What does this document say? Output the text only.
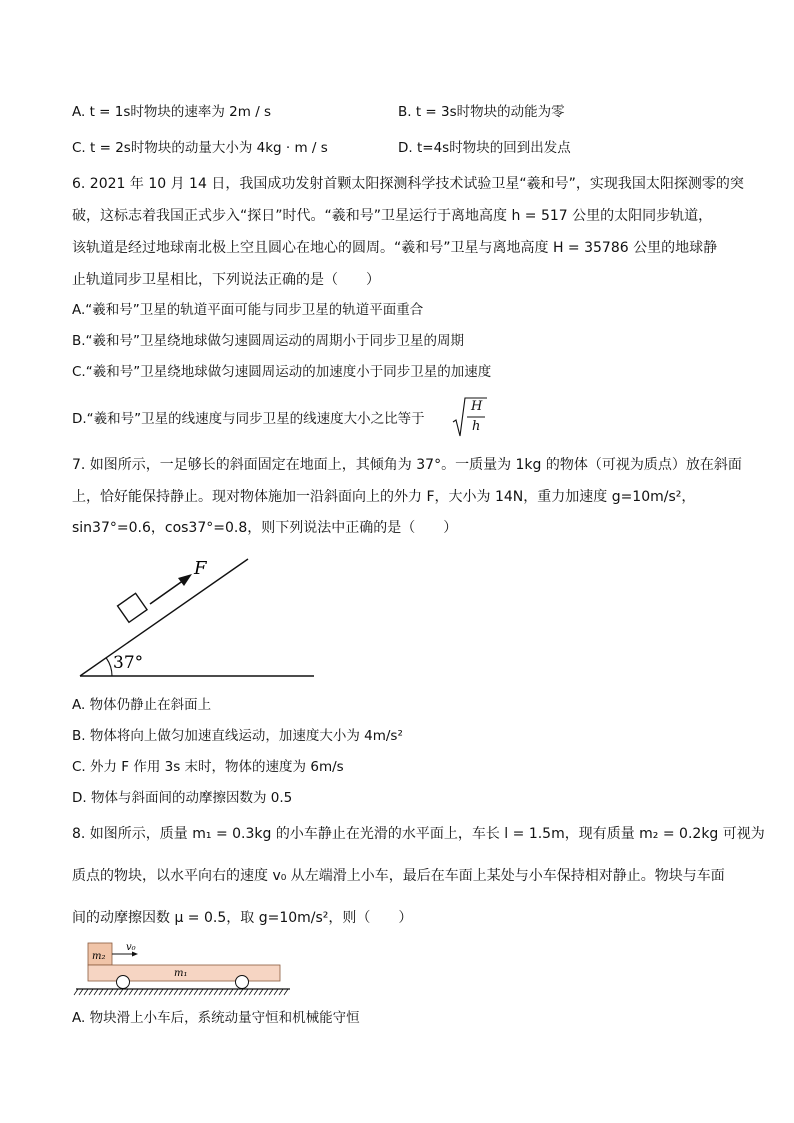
A. t = 1s时物块的速率为 2m / s	B. t = 3s时物块的动能为零
C. t = 2s时物块的动量大小为 4kg · m / s	D. t=4s时物块的回到出发点
6. 2021 年 10 月 14 日，我国成功发射首颗太阳探测科学技术试验卫星“羲和号”，实现我国太阳探测零的突
破，这标志着我国正式步入“探日”时代。“羲和号”卫星运行于离地高度 h = 517 公里的太阳同步轨道，
该轨道是经过地球南北极上空且圆心在地心的圆周。“羲和号”卫星与离地高度 H = 35786 公里的地球静
止轨道同步卫星相比，下列说法正确的是（　　）
A.“羲和号”卫星的轨道平面可能与同步卫星的轨道平面重合
B.“羲和号”卫星绕地球做匀速圆周运动的周期小于同步卫星的周期
C.“羲和号”卫星绕地球做匀速圆周运动的加速度小于同步卫星的加速度
D.“羲和号”卫星的线速度与同步卫星的线速度大小之比等于
H
h
7. 如图所示，一足够长的斜面固定在地面上，其倾角为 37°。一质量为 1kg 的物体（可视为质点）放在斜面
上，恰好能保持静止。现对物体施加一沿斜面向上的外力 F，大小为 14N，重力加速度 g=10m/s²，
sin37°=0.6，cos37°=0.8，则下列说法中正确的是（　　）
37°
F
A. 物体仍静止在斜面上
B. 物体将向上做匀加速直线运动，加速度大小为 4m/s²
C. 外力 F 作用 3s 末时，物体的速度为 6m/s
D. 物体与斜面间的动摩擦因数为 0.5
8. 如图所示，质量 m₁ = 0.3kg 的小车静止在光滑的水平面上，车长 l = 1.5m，现有质量 m₂ = 0.2kg 可视为
质点的物块，以水平向右的速度 v₀ 从左端滑上小车，最后在车面上某处与小车保持相对静止。物块与车面
间的动摩擦因数 μ = 0.5，取 g=10m/s²，则（　　）
m₂
m₁
v₀
A. 物块滑上小车后，系统动量守恒和机械能守恒
